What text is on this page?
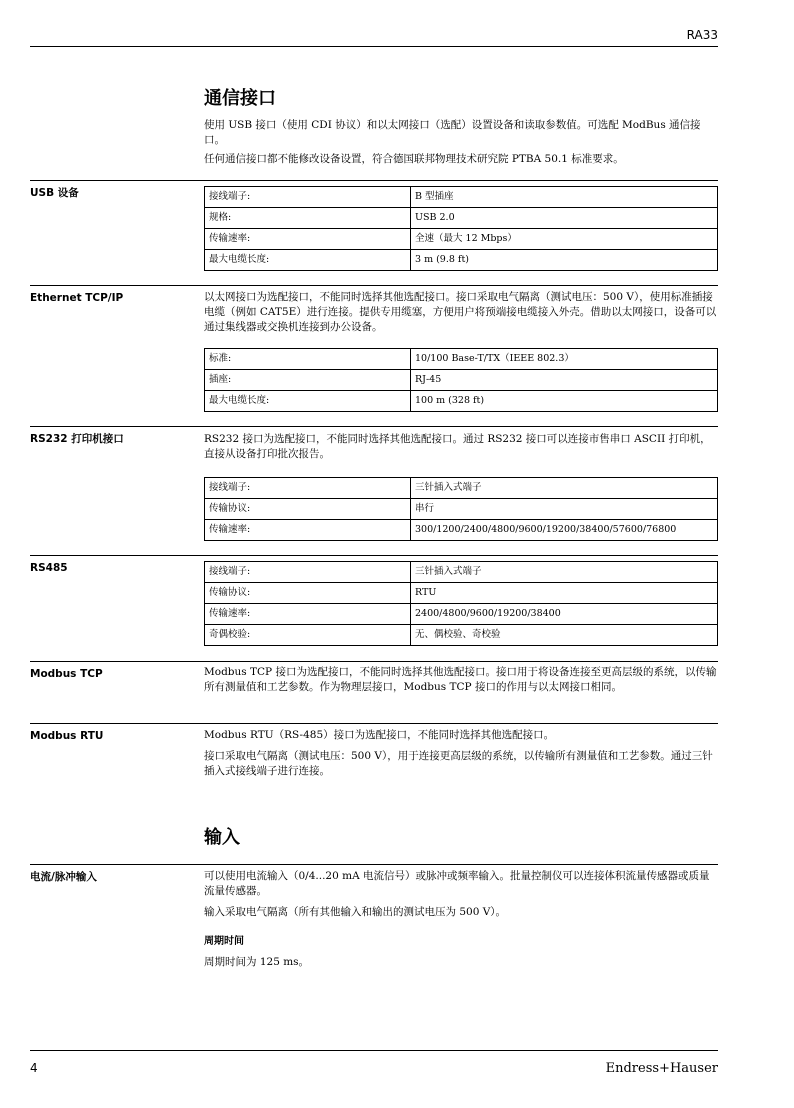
RA33
通信接口

使用 USB 接口（使用 CDI 协议）和以太网接口（选配）设置设备和读取参数值。可选配 ModBus 通信接口。

任何通信接口都不能修改设备设置，符合德国联邦物理技术研究院 PTBA 50.1 标准要求。

USB 设备	接线端子:	B 型插座
规格:	USB 2.0
传输速率:	全速（最大 12 Mbps）
最大电缆长度:	3 m (9.8 ft)
Ethernet TCP/IP	以太网接口为选配接口，不能同时选择其他选配接口。接口采取电气隔离（测试电压：500 V），使用标准插接电缆（例如 CAT5E）进行连接。提供专用缆塞，方便用户将预端接电缆接入外壳。借助以太网接口，设备可以通过集线器或交换机连接到办公设备。

标准:	10/100 Base-T/TX（IEEE 802.3）
插座:	RJ-45
最大电缆长度:	100 m (328 ft)
RS232 打印机接口	RS232 接口为选配接口，不能同时选择其他选配接口。通过 RS232 接口可以连接市售串口 ASCII 打印机，直接从设备打印批次报告。

接线端子:	三针插入式端子
传输协议:	串行
传输速率:	300/1200/2400/4800/9600/19200/38400/57600/76800
RS485	接线端子:	三针插入式端子
传输协议:	RTU
传输速率:	2400/4800/9600/19200/38400
奇偶校验:	无、偶校验、奇校验
Modbus TCP	Modbus TCP 接口为选配接口，不能同时选择其他选配接口。接口用于将设备连接至更高层级的系统，以传输所有测量值和工艺参数。作为物理层接口，Modbus TCP 接口的作用与以太网接口相同。

Modbus RTU	Modbus RTU（RS-485）接口为选配接口，不能同时选择其他选配接口。

接口采取电气隔离（测试电压：500 V），用于连接更高层级的系统，以传输所有测量值和工艺参数。通过三针插入式接线端子进行连接。

输入
电流/脉冲输入	可以使用电流输入（0/4...20 mA 电流信号）或脉冲或频率输入。批量控制仪可以连接体积流量传感器或质量流量传感器。

输入采取电气隔离（所有其他输入和输出的测试电压为 500 V）。

周期时间

周期时间为 125 ms。

4	Endress+Hauser
